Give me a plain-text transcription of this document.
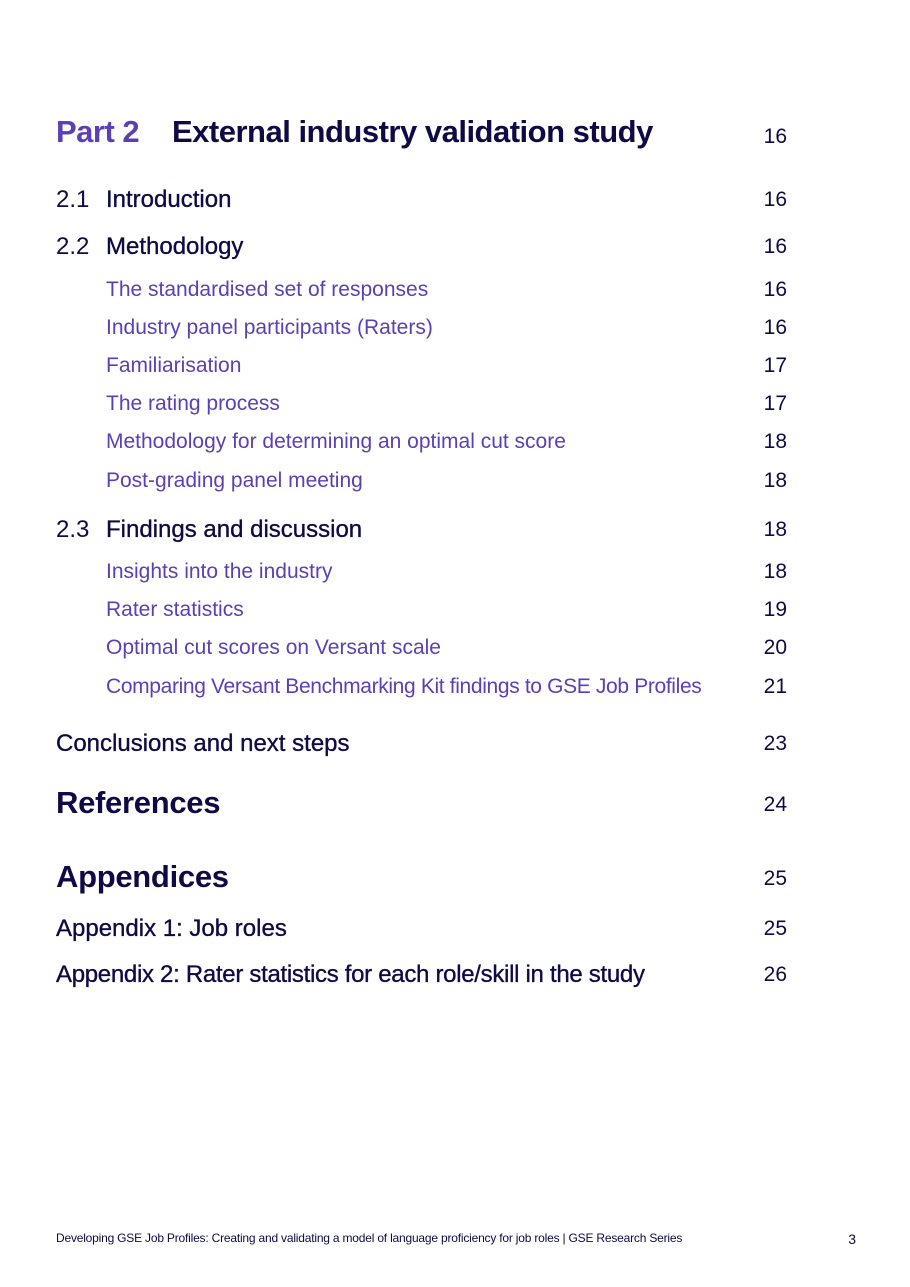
Part 2 External industry validation study	16
2.1 Introduction	16
2.2 Methodology	16
The standardised set of responses	16
Industry panel participants (Raters)	16
Familiarisation	17
The rating process	17
Methodology for determining an optimal cut score	18
Post-grading panel meeting	18
2.3 Findings and discussion	18
Insights into the industry	18
Rater statistics	19
Optimal cut scores on Versant scale	20
Comparing Versant Benchmarking Kit findings to GSE Job Profiles	21
Conclusions and next steps	23
References	24
Appendices	25
Appendix 1: Job roles	25
Appendix 2: Rater statistics for each role/skill in the study	26
Developing GSE Job Profiles: Creating and validating a model of language proficiency for job roles | GSE Research Series	3
